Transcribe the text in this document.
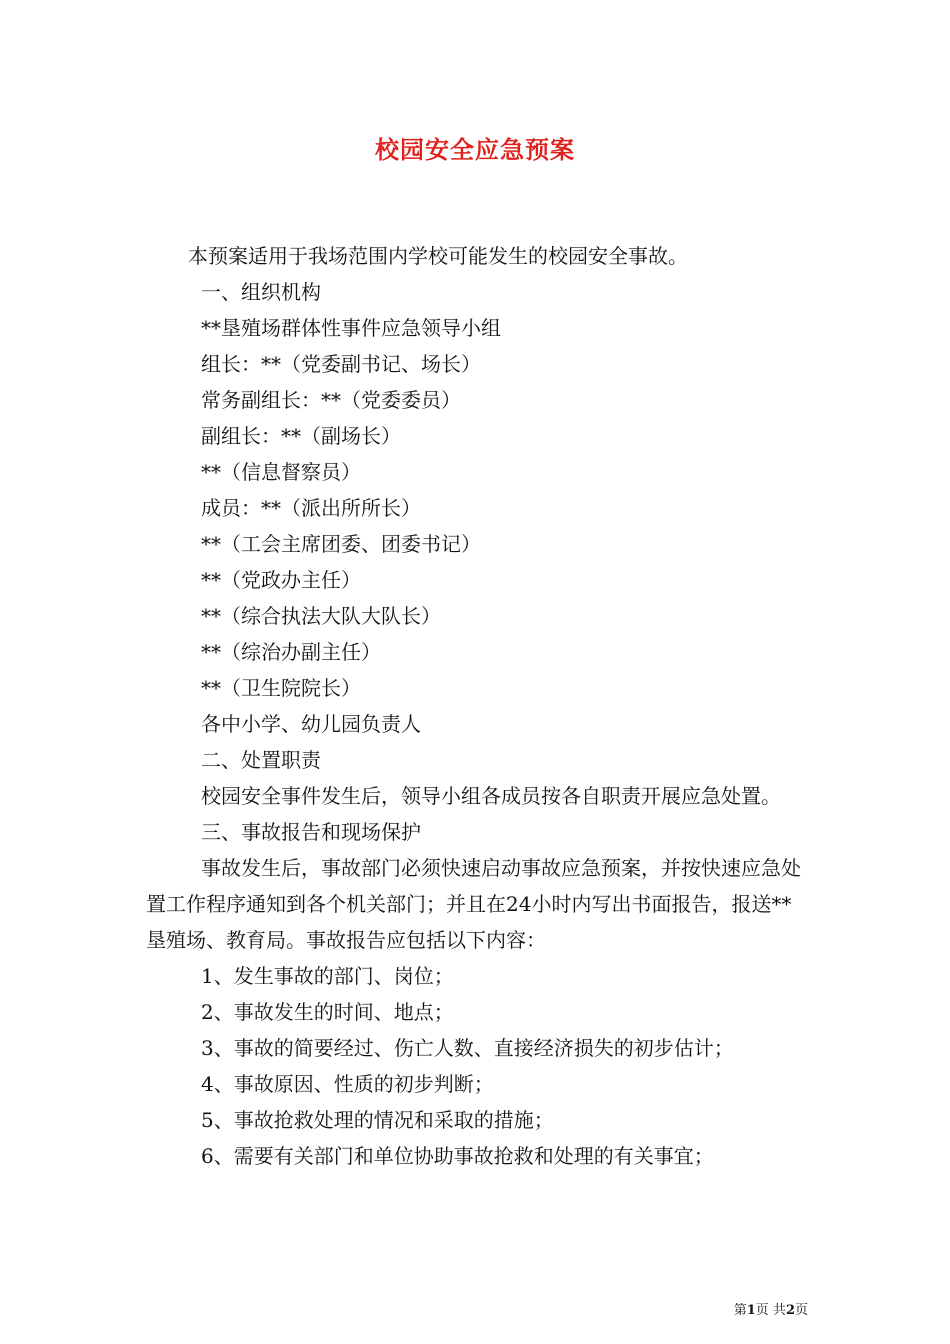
校园安全应急预案

本预案适用于我场范围内学校可能发生的校园安全事故。

一、组织机构

**垦殖场群体性事件应急领导小组

组长：**（党委副书记、场长）

常务副组长：**（党委委员）

副组长：**（副场长）

**（信息督察员）

成员：**（派出所所长）

**（工会主席团委、团委书记）

**（党政办主任）

**（综合执法大队大队长）

**（综治办副主任）

**（卫生院院长）

各中小学、幼儿园负责人

二、处置职责

校园安全事件发生后，领导小组各成员按各自职责开展应急处置。

三、事故报告和现场保护

事故发生后，事故部门必须快速启动事故应急预案，并按快速应急处置工作程序通知到各个机关部门；并且在24小时内写出书面报告，报送**垦殖场、教育局。事故报告应包括以下内容：

1、发生事故的部门、岗位；

2、事故发生的时间、地点；

3、事故的简要经过、伤亡人数、直接经济损失的初步估计；

4、事故原因、性质的初步判断；

5、事故抢救处理的情况和采取的措施；

6、需要有关部门和单位协助事故抢救和处理的有关事宜；

第1页 共2页
